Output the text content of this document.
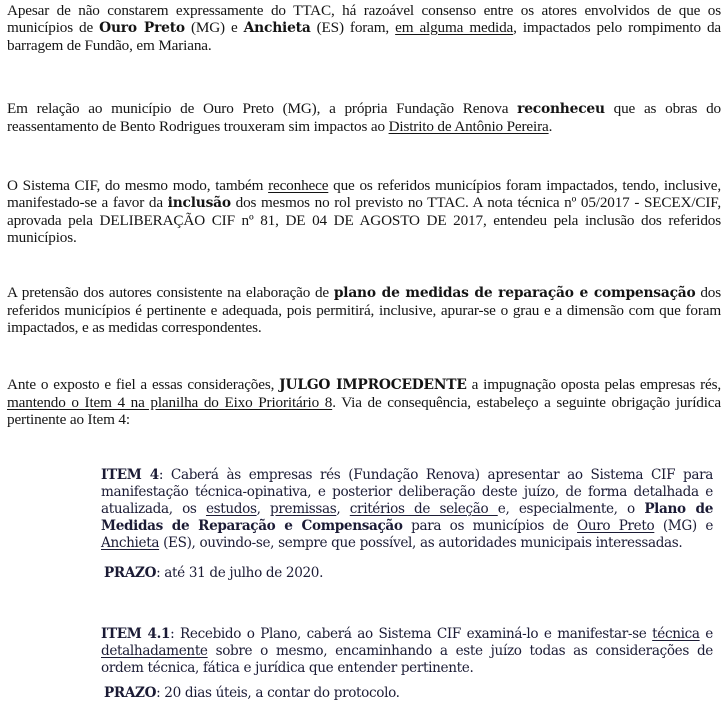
Apesar de não constarem expressamente do TTAC, há razoável consenso entre os atores envolvidos de que os municípios de Ouro Preto (MG) e Anchieta (ES) foram, em alguma medida, impactados pelo rompimento da barragem de Fundão, em Mariana.

Em relação ao município de Ouro Preto (MG), a própria Fundação Renova reconheceu que as obras do reassentamento de Bento Rodrigues trouxeram sim impactos ao Distrito de Antônio Pereira.

O Sistema CIF, do mesmo modo, também reconhece que os referidos municípios foram impactados, tendo, inclusive, manifestado-se a favor da inclusão dos mesmos no rol previsto no TTAC. A nota técnica nº 05/2017 - SECEX/CIF, aprovada pela DELIBERAÇÃO CIF nº 81, DE 04 DE AGOSTO DE 2017, entendeu pela inclusão dos referidos municípios.

A pretensão dos autores consistente na elaboração de plano de medidas de reparação e compensação dos referidos municípios é pertinente e adequada, pois permitirá, inclusive, apurar-se o grau e a dimensão com que foram impactados, e as medidas correspondentes.

Ante o exposto e fiel a essas considerações, JULGO IMPROCEDENTE a impugnação oposta pelas empresas rés, mantendo o Item 4 na planilha do Eixo Prioritário 8. Via de consequência, estabeleço a seguinte obrigação jurídica pertinente ao Item 4:

ITEM 4: Caberá às empresas rés (Fundação Renova) apresentar ao Sistema CIF para manifestação técnica-opinativa, e posterior deliberação deste juízo, de forma detalhada e atualizada, os estudos, premissas, critérios de seleção e, especialmente, o Plano de Medidas de Reparação e Compensação para os municípios de Ouro Preto (MG) e Anchieta (ES), ouvindo-se, sempre que possível, as autoridades municipais interessadas.

PRAZO: até 31 de julho de 2020.

ITEM 4.1: Recebido o Plano, caberá ao Sistema CIF examiná-lo e manifestar-se técnica e detalhadamente sobre o mesmo, encaminhando a este juízo todas as considerações de ordem técnica, fática e jurídica que entender pertinente.

PRAZO: 20 dias úteis, a contar do protocolo.
